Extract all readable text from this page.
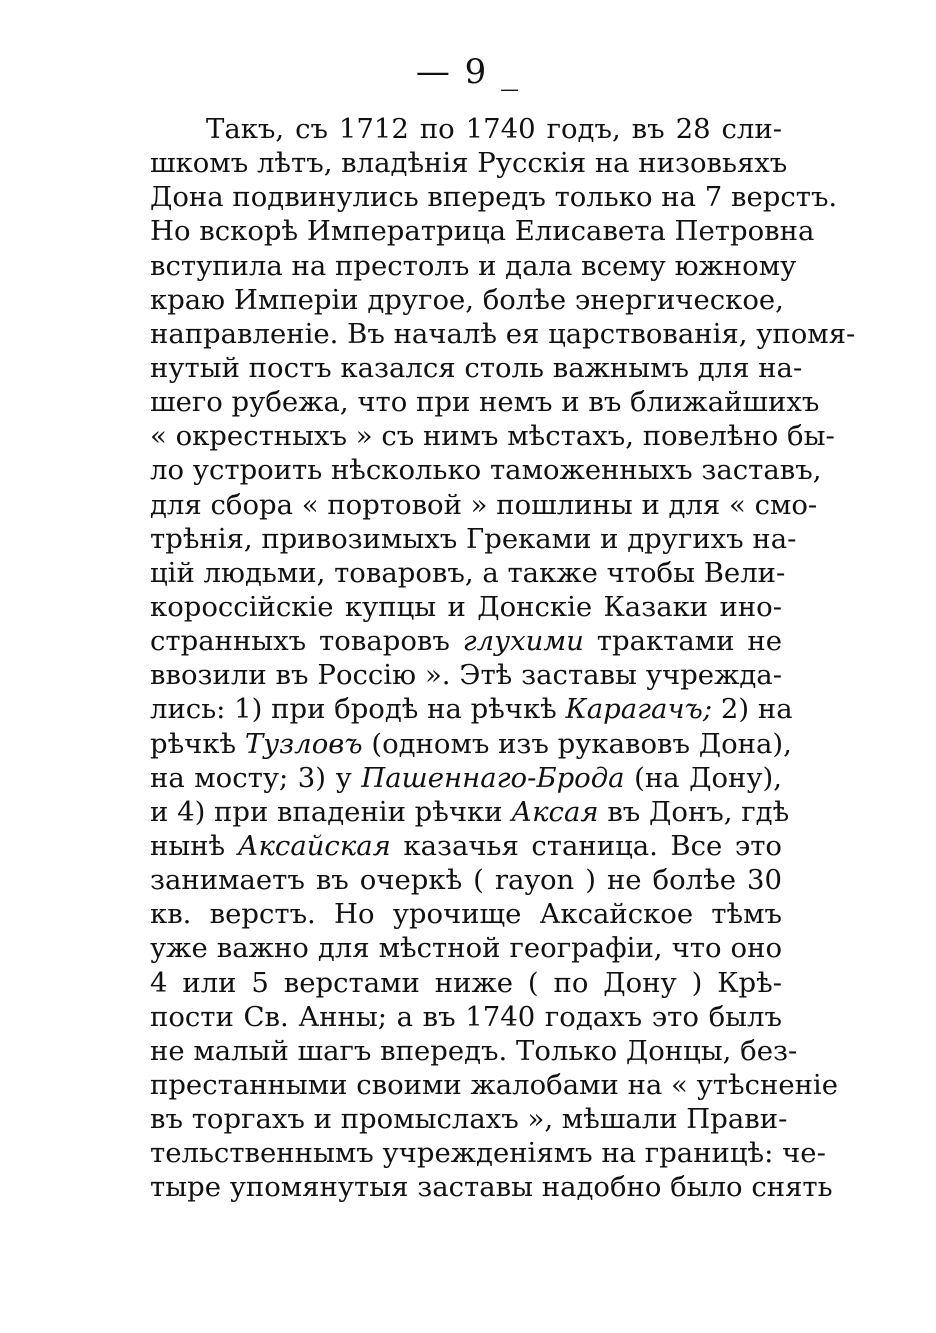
— 9 _
Такъ, съ 1712 по 1740 годъ, въ 28 сли-
шкомъ лѣтъ, владѣнія Русскія на низовьяхъ
Дона подвинулись впередъ только на 7 верстъ.
Но вскорѣ Императрица Елисавета Петровна
вступила на престолъ и дала всему южному
краю Имперіи другое, болѣе энергическое,
направленіе. Въ началѣ ея царствованія, упомя-
нутый постъ казался столь важнымъ для на-
шего рубежа, что при немъ и въ ближайшихъ
« окрестныхъ » съ нимъ мѣстахъ, повелѣно бы-
ло устроить нѣсколько таможенныхъ заставъ,
для сбора « портовой » пошлины и для « смо-
трѣнія, привозимыхъ Греками и другихъ на-
цій людьми, товаровъ, а также чтобы Вели-
короссійскіе купцы и Донскіе Казаки ино-
странныхъ товаровъ глухими трактами не
ввозили въ Россію ». Этѣ заставы учрежда-
лись: 1) при бродѣ на рѣчкѣ Карагачъ; 2) на
рѣчкѣ Тузловъ (одномъ изъ рукавовъ Дона),
на мосту; 3) у Пашеннаго-Брода (на Дону),
и 4) при впаденіи рѣчки Аксая въ Донъ, гдѣ
нынѣ Аксайская казачья станица. Все это
занимаетъ въ очеркѣ ( rayon ) не болѣе 30
кв. верстъ. Но урочище Аксайское тѣмъ
уже важно для мѣстной географіи, что оно
4 или 5 верстами ниже ( по Дону ) Крѣ-
пости Св. Анны; а въ 1740 годахъ это былъ
не малый шагъ впередъ. Только Донцы, без-
престанными своими жалобами на « утѣсненіе
въ торгахъ и промыслахъ », мѣшали Прави-
тельственнымъ учрежденіямъ на границѣ: че-
тыре упомянутыя заставы надобно было снять
